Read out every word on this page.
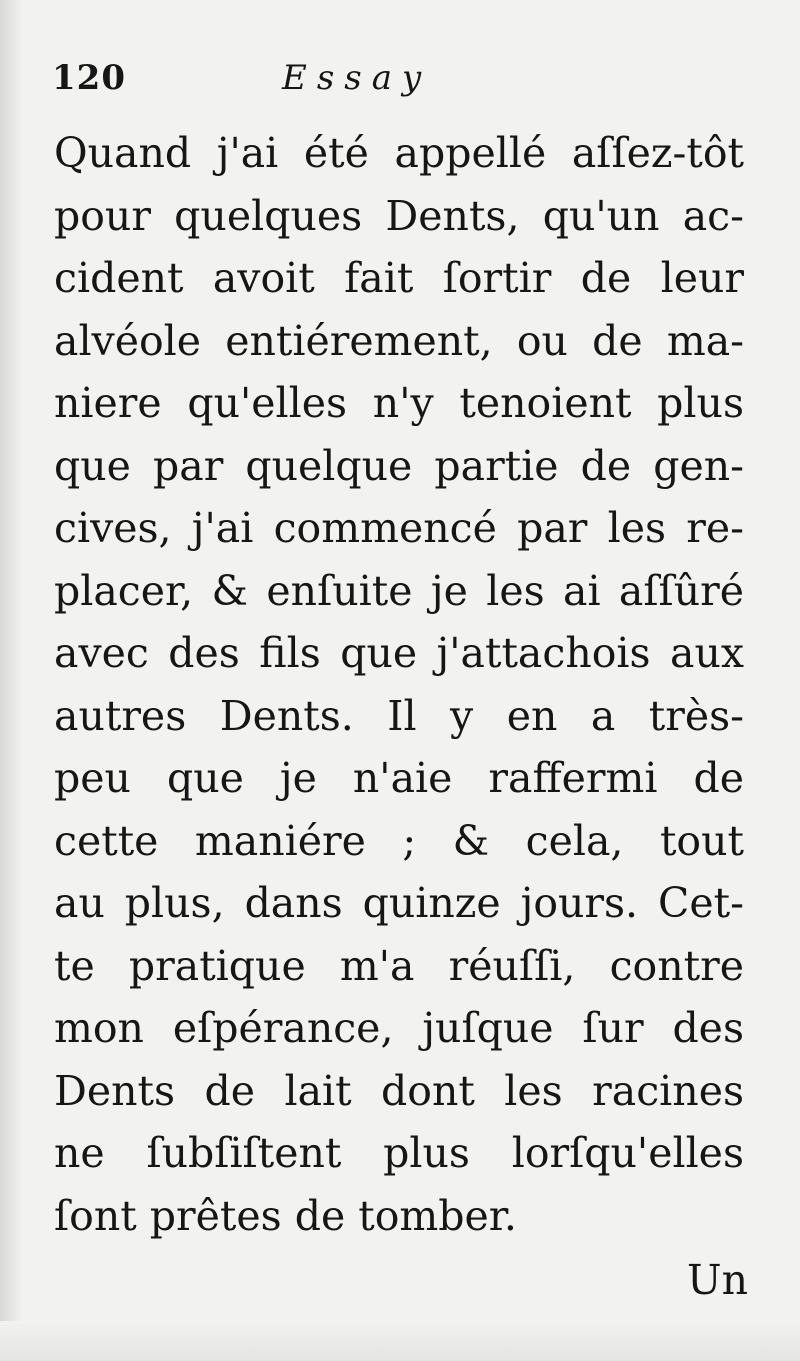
120	Essay
Quand j'ai été appellé aſſez-tôt
pour quelques Dents, qu'un ac-
cident avoit fait ſortir de leur
alvéole entiérement, ou de ma-
niere qu'elles n'y tenoient plus
que par quelque partie de gen-
cives, j'ai commencé par les re-
placer, & enſuite je les ai aſſûré
avec des fils que j'attachois aux
autres Dents. Il y en a très-
peu que je n'aie raffermi de
cette maniére ; & cela, tout
au plus, dans quinze jours. Cet-
te pratique m'a réuſſi, contre
mon eſpérance, juſque ſur des
Dents de lait dont les racines
ne ſubſiſtent plus lorſqu'elles
ſont prêtes de tomber.
Un
